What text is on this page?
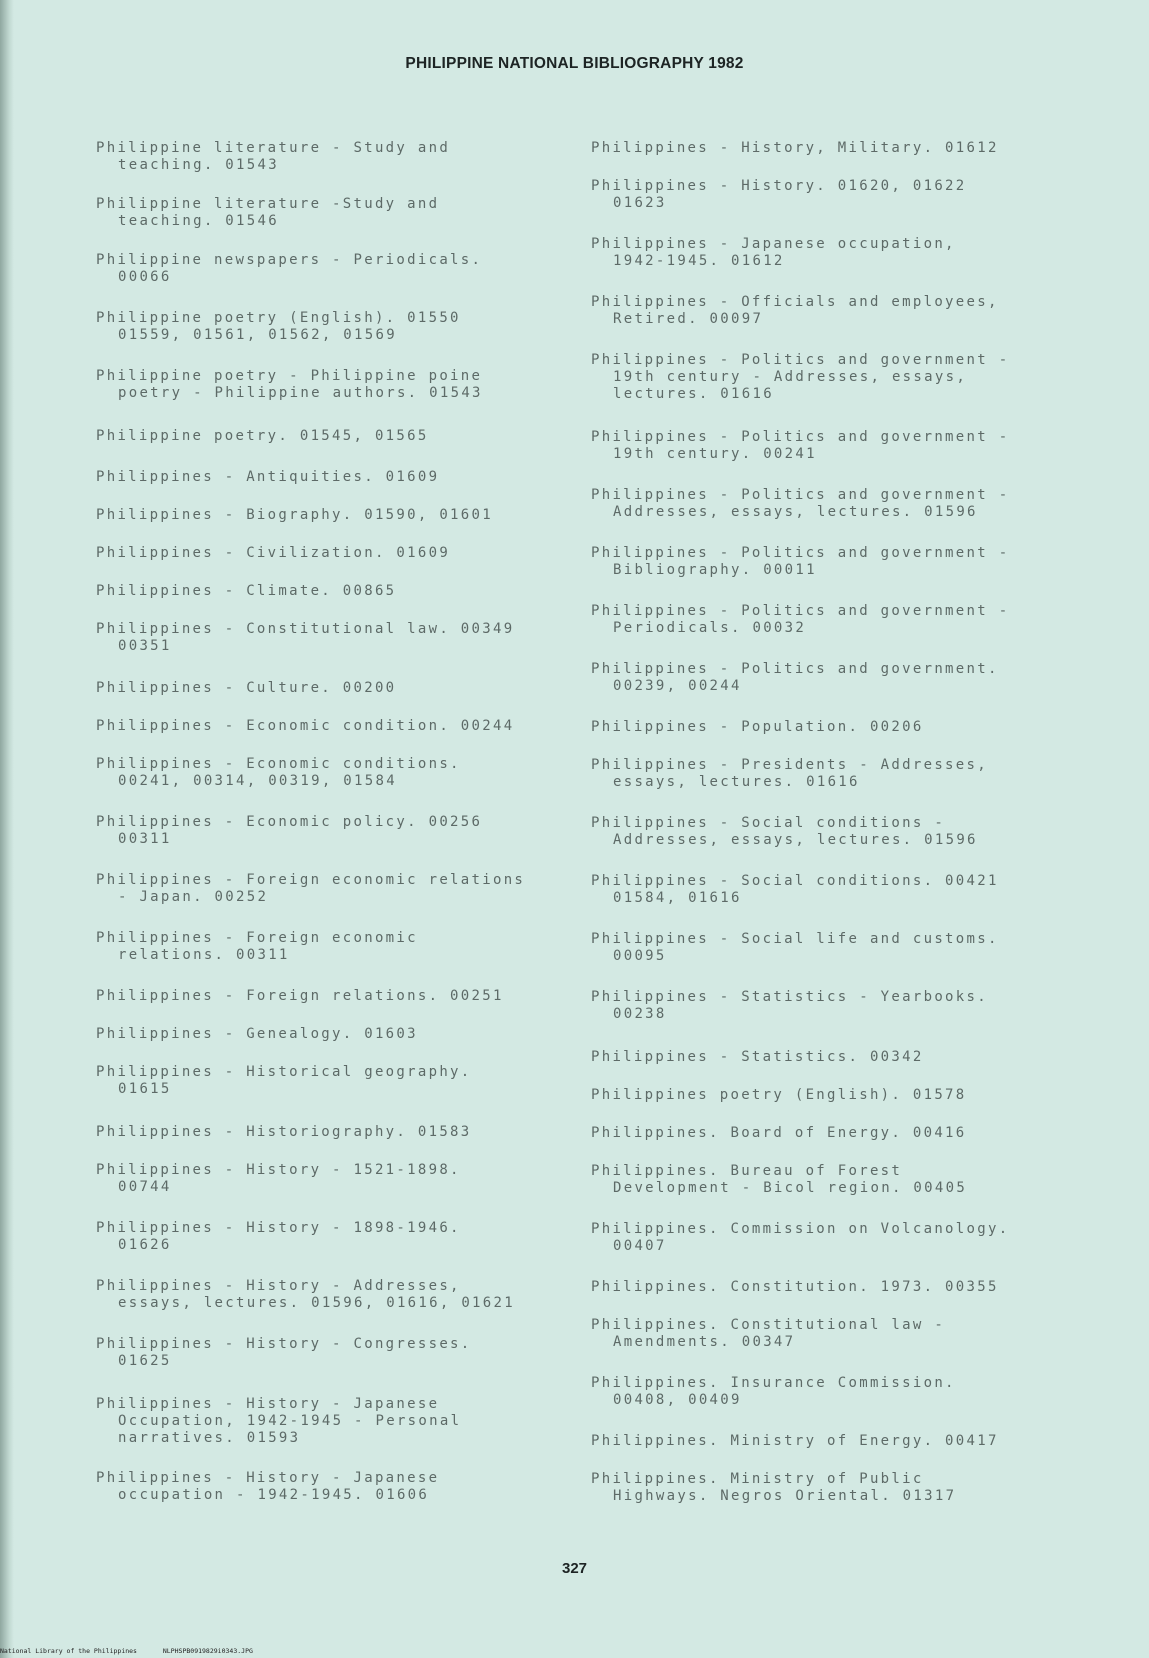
PHILIPPINE NATIONAL BIBLIOGRAPHY 1982
Philippine literature - Study and
teaching. 01543
Philippine literature -Study and
teaching. 01546
Philippine newspapers - Periodicals.
00066
Philippine poetry (English). 01550
01559, 01561, 01562, 01569
Philippine poetry - Philippine poine
poetry - Philippine authors. 01543
Philippine poetry. 01545, 01565
Philippines - Antiquities. 01609
Philippines - Biography. 01590, 01601
Philippines - Civilization. 01609
Philippines - Climate. 00865
Philippines - Constitutional law. 00349
00351
Philippines - Culture. 00200
Philippines - Economic condition. 00244
Philippines - Economic conditions.
00241, 00314, 00319, 01584
Philippines - Economic policy. 00256
00311
Philippines - Foreign economic relations
- Japan. 00252
Philippines - Foreign economic
relations. 00311
Philippines - Foreign relations. 00251
Philippines - Genealogy. 01603
Philippines - Historical geography.
01615
Philippines - Historiography. 01583
Philippines - History - 1521-1898.
00744
Philippines - History - 1898-1946.
01626
Philippines - History - Addresses,
essays, lectures. 01596, 01616, 01621
Philippines - History - Congresses.
01625
Philippines - History - Japanese
Occupation, 1942-1945 - Personal
narratives. 01593
Philippines - History - Japanese
occupation - 1942-1945. 01606
Philippines - History, Military. 01612
Philippines - History. 01620, 01622
01623
Philippines - Japanese occupation,
1942-1945. 01612
Philippines - Officials and employees,
Retired. 00097
Philippines - Politics and government -
19th century - Addresses, essays,
lectures. 01616
Philippines - Politics and government -
19th century. 00241
Philippines - Politics and government -
Addresses, essays, lectures. 01596
Philippines - Politics and government -
Bibliography. 00011
Philippines - Politics and government -
Periodicals. 00032
Philippines - Politics and government.
00239, 00244
Philippines - Population. 00206
Philippines - Presidents - Addresses,
essays, lectures. 01616
Philippines - Social conditions -
Addresses, essays, lectures. 01596
Philippines - Social conditions. 00421
01584, 01616
Philippines - Social life and customs.
00095
Philippines - Statistics - Yearbooks.
00238
Philippines - Statistics. 00342
Philippines poetry (English). 01578
Philippines. Board of Energy. 00416
Philippines. Bureau of Forest
Development - Bicol region. 00405
Philippines. Commission on Volcanology.
00407
Philippines. Constitution. 1973. 00355
Philippines. Constitutional law -
Amendments. 00347
Philippines. Insurance Commission.
00408, 00409
Philippines. Ministry of Energy. 00417
Philippines. Ministry of Public
Highways. Negros Oriental. 01317
327
National Library of the Philippines	NLPHSPB0919829i0343.JPG
